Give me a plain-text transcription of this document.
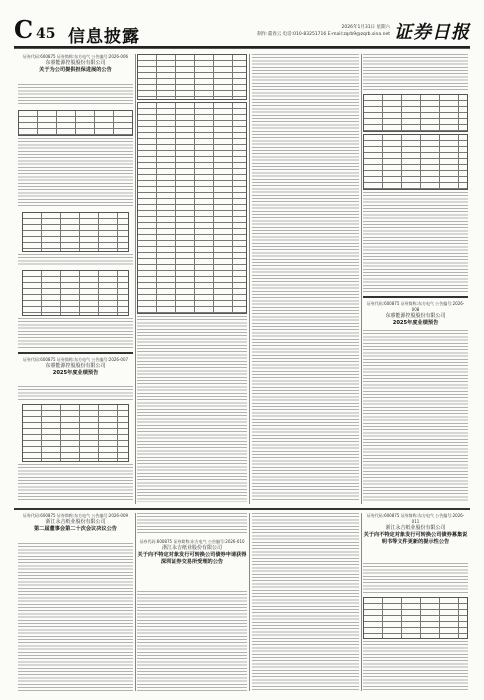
C 45 信息披露	2026年1月31日 星期六
制作:董春云 电话:010-83251716 E-mail:zqrb9@zqrb.sina.net 证券日报
证券代码:600875 证券简称:东方电气 公告编号:2026-006
东睿能源控股股份有限公司
关于为公司提供担保进展的公告
证券代码:600875 证券简称:东方电气 公告编号:2026-007
东睿能源控股股份有限公司
2025年度业绩预告
证券代码:600875 证券简称:东方电气 公告编号:2026-008
东睿能源控股股份有限公司
2025年度业绩预告
证券代码:600875 证券简称:东方电气 公告编号:2026-009
浙江永吉纸业股份有限公司
第二届董事会第二十次会议决议公告
证券代码:600875 证券简称:东方电气 公告编号:2026-010
浙江永吉纸业股份有限公司
关于向不特定对象发行可转换公司债券申请获得深圳证券交易所受理的公告
证券代码:600875 证券简称:东方电气 公告编号:2026-011
浙江永吉纸业股份有限公司
关于向不特定对象发行可转换公司债券募集说明书等文件更新的提示性公告
